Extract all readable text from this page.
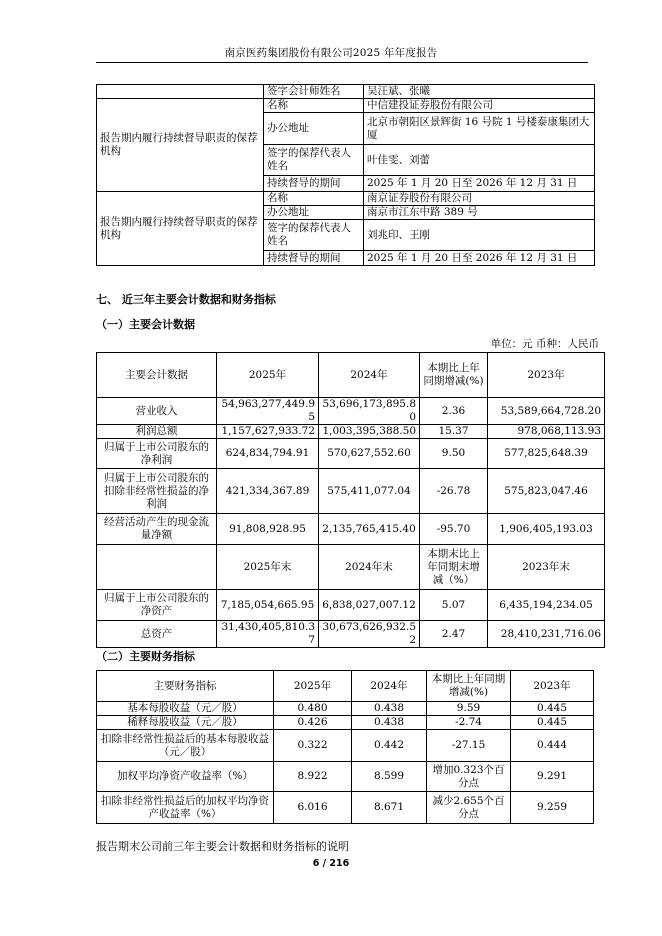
南京医药集团股份有限公司2025 年年度报告
	签字会计师姓名	吴汪斌、张曦
报告期内履行持续督导职责的保荐机构	名称	中信建投证券股份有限公司
	办公地址	北京市朝阳区景辉街 16 号院 1 号楼泰康集团大厦
	签字的保荐代表人姓名	叶佳雯、刘蕾
	持续督导的期间	2025 年 1 月 20 日至 2026 年 12 月 31 日
报告期内履行持续督导职责的保荐机构	名称	南京证券股份有限公司
	办公地址	南京市江东中路 389 号
	签字的保荐代表人姓名	刘兆印、王刚
	持续督导的期间	2025 年 1 月 20 日至 2026 年 12 月 31 日
七、 近三年主要会计数据和财务指标
（一）主要会计数据
单位：元 币种：人民币
主要会计数据	2025年	2024年	本期比上年同期增减(%)	2023年
营业收入	54,963,277,449.95	53,696,173,895.80	2.36	53,589,664,728.20
利润总额	1,157,627,933.72	1,003,395,388.50	15.37	978,068,113.93
归属于上市公司股东的净利润	624,834,794.91	570,627,552.60	9.50	577,825,648.39
归属于上市公司股东的扣除非经常性损益的净利润	421,334,367.89	575,411,077.04	-26.78	575,823,047.46
经营活动产生的现金流量净额	91,808,928.95	2,135,765,415.40	-95.70	1,906,405,193.03
	2025年末	2024年末	本期末比上年同期末增减（%）	2023年末
归属于上市公司股东的净资产	7,185,054,665.95	6,838,027,007.12	5.07	6,435,194,234.05
总资产	31,430,405,810.37	30,673,626,932.52	2.47	28,410,231,716.06
（二）主要财务指标
主要财务指标	2025年	2024年	本期比上年同期增减(%)	2023年
基本每股收益（元／股）	0.480	0.438	9.59	0.445
稀释每股收益（元／股）	0.426	0.438	-2.74	0.445
扣除非经常性损益后的基本每股收益（元／股）	0.322	0.442	-27.15	0.444
加权平均净资产收益率（%）	8.922	8.599	增加0.323个百分点	9.291
扣除非经常性损益后的加权平均净资产收益率（%）	6.016	8.671	减少2.655个百分点	9.259
报告期末公司前三年主要会计数据和财务指标的说明
6 / 216
